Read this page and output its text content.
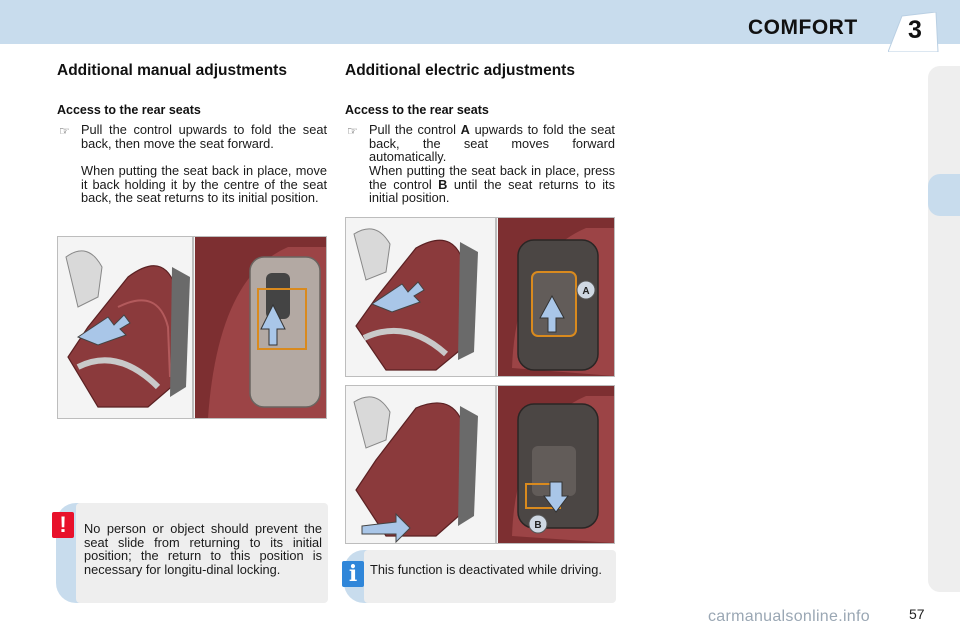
COMFORT 3
Additional manual adjustments
Access to the rear seats
☞ Pull the control upwards to fold the seat back, then move the seat forward.
When putting the seat back in place, move it back holding it by the centre of the seat back, the seat returns to its initial position.
!	No person or object should prevent the seat slide from returning to its initial position; the return to this position is necessary for longitu-dinal locking.
Additional electric adjustments
Access to the rear seats
☞ Pull the control A upwards to fold the seat back, the seat moves forward automatically.
When putting the seat back in place, press the control B until the seat returns to its initial position.
A
B
i	This function is deactivated while driving.
carmanualsonline.info	57
